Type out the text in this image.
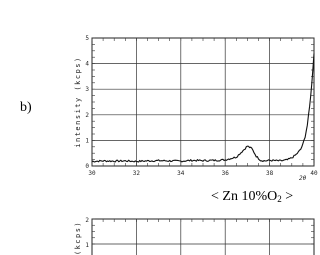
b)
30	32	34	36	38	40
0
1
2
3
4
5
intensity (kcps)
2θ
2
1
(kcps)
< Zn $10\%O_2$ >
